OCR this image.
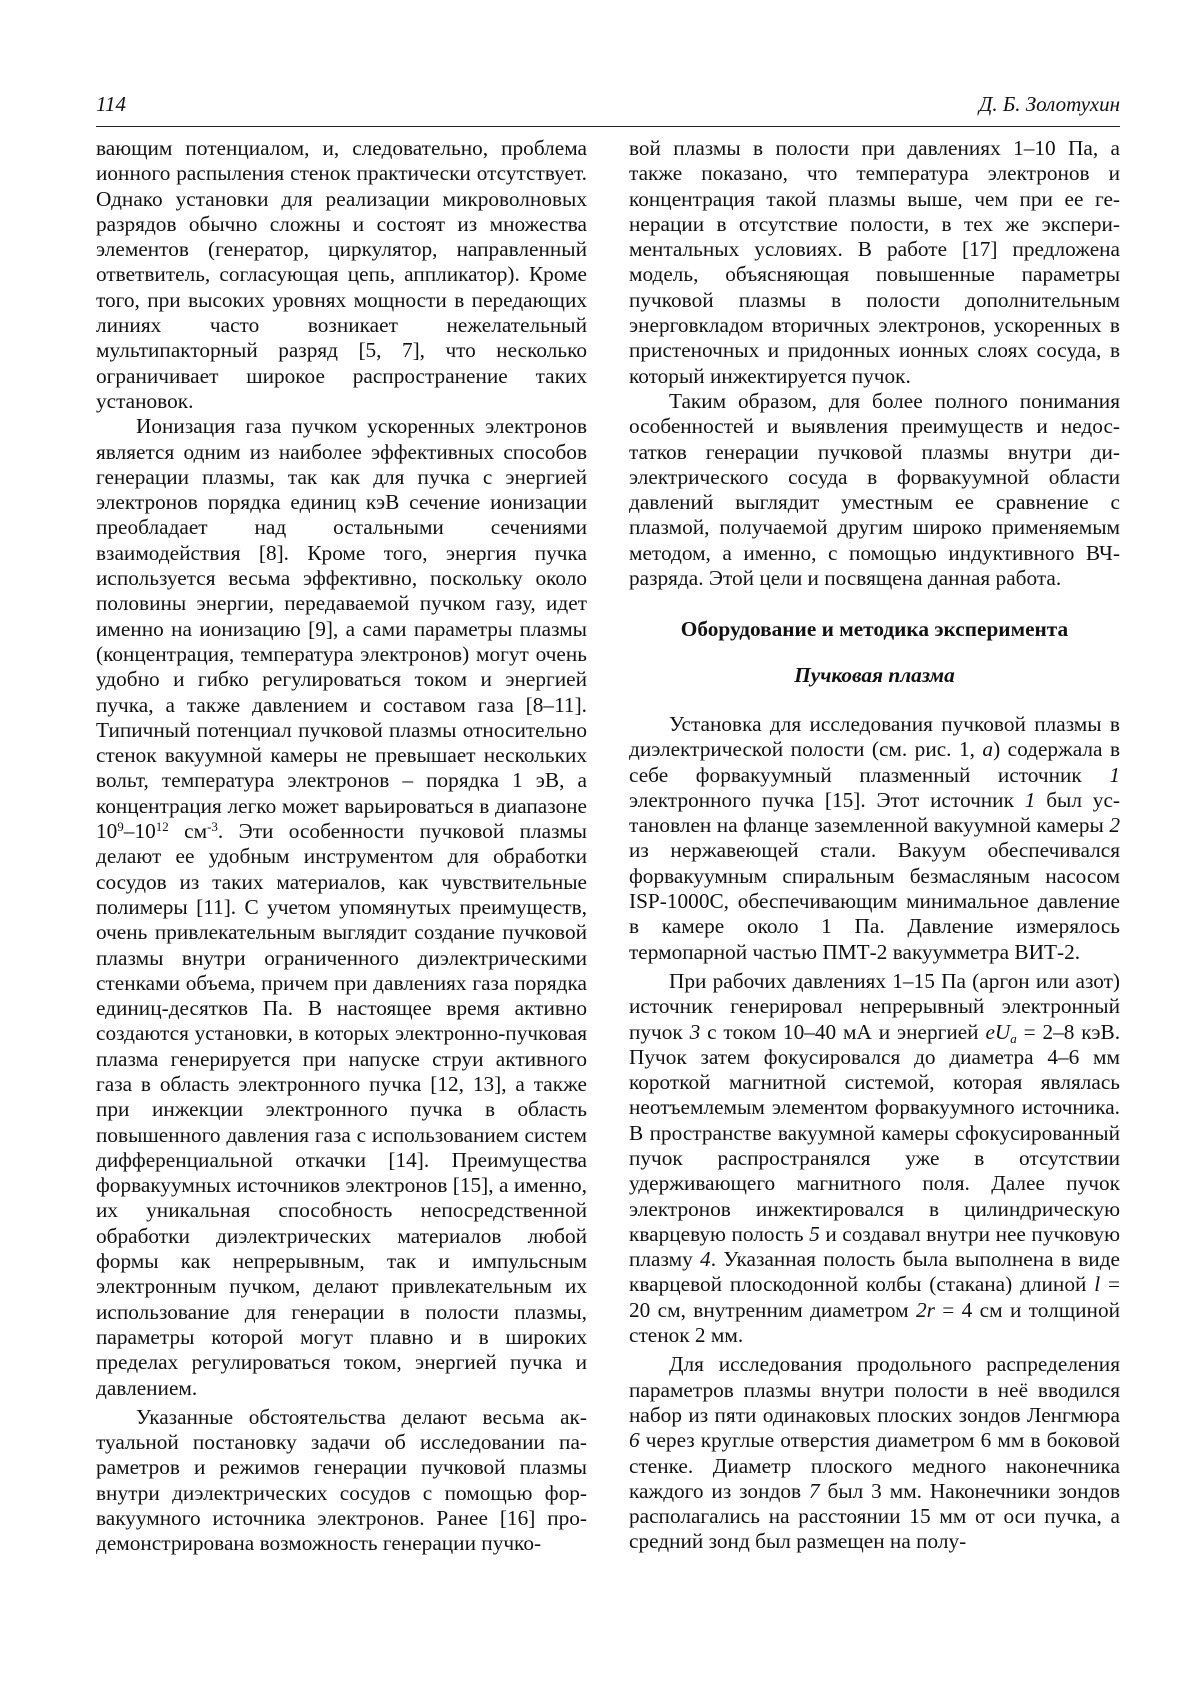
114	Д. Б. Золотухин

вающим потенциалом, и, следовательно, проблема ионного распыления стенок практически отсутствует. Однако установки для реализации микроволновых разрядов обычно сложны и состоят из множества элементов (генератор, циркулятор, направленный ответвитель, согласующая цепь, аппликатор). Кроме того, при высоких уровнях мощности в передающих линиях часто возникает нежелательный мультипакторный разряд [5, 7], что несколько ограничивает широкое распространение таких установок.

Ионизация газа пучком ускоренных электронов является одним из наиболее эффективных способов генерации плазмы, так как для пучка с энергией электронов порядка единиц кэВ сечение ионизации преобладает над остальными сечениями взаимодействия [8]. Кроме того, энергия пучка используется весьма эффективно, поскольку около половины энергии, передаваемой пучком газу, идет именно на ионизацию [9], а сами параметры плазмы (концентрация, температура электронов) могут очень удобно и гибко регулироваться током и энергией пучка, а также давлением и составом газа [8–11]. Типичный потенциал пучковой плазмы относительно стенок вакуумной камеры не превышает нескольких вольт, температура электронов – порядка 1 эВ, а концентрация легко может варьироваться в диапазоне $10^9-10^{12}$ $см^{-3}$. Эти особенности пучковой плазмы делают ее удобным инструментом для обработки сосудов из таких материалов, как чувствительные полимеры [11]. С учетом упомянутых преимуществ, очень привлекательным выглядит создание пучковой плазмы внутри ограниченного диэлектрическими стенками объема, причем при давлениях газа порядка единиц-десятков Па. В настоящее время активно создаются установки, в которых электронно-пучковая плазма генерируется при напуске струи активного газа в область электронного пучка [12, 13], а также при инжекции электронного пучка в область повышенного давления газа с использованием систем дифференциальной откачки [14]. Преимущества форвакуумных источников электронов [15], а именно, их уникальная способность непосредственной обработки диэлектрических материалов любой формы как непрерывным, так и импульсным электронным пучком, делают привлекательным их использование для генерации в полости плазмы, параметры которой могут плавно и в широких пределах регулироваться током, энергией пучка и давлением.

Указанные обстоятельства делают весьма актуальной постановку задачи об исследовании параметров и режимов генерации пучковой плазмы внутри диэлектрических сосудов с помощью форвакуумного источника электронов. Ранее [16] продемонстрирована возможность генерации пучко-

вой плазмы в полости при давлениях 1–10 Па, а также показано, что температура электронов и концентрация такой плазмы выше, чем при ее генерации в отсутствие полости, в тех же экспериментальных условиях. В работе [17] предложена модель, объясняющая повышенные параметры пучковой плазмы в полости дополнительным энерговкладом вторичных электронов, ускоренных в пристеночных и придонных ионных слоях сосуда, в который инжектируется пучок.

Таким образом, для более полного понимания особенностей и выявления преимуществ и недостатков генерации пучковой плазмы внутри диэлектрического сосуда в форвакуумной области давлений выглядит уместным ее сравнение с плазмой, получаемой другим широко применяемым методом, а именно, с помощью индуктивного ВЧ-разряда. Этой цели и посвящена данная работа.

Оборудование и методика эксперимента
Пучковая плазма

Установка для исследования пучковой плазмы в диэлектрической полости (см. рис. 1, а) содержала в себе форвакуумный плазменный источник 1 электронного пучка [15]. Этот источник 1 был установлен на фланце заземленной вакуумной камеры 2 из нержавеющей стали. Вакуум обеспечивался форвакуумным спиральным безмасляным насосом ISP-1000C, обеспечивающим минимальное давление в камере около 1 Па. Давление измерялось термопарной частью ПМТ-2 вакуумметра ВИТ-2.

При рабочих давлениях 1–15 Па (аргон или азот) источник генерировал непрерывный электронный пучок 3 с током 10–40 мА и энергией $eU_a = 2-8$ кэВ. Пучок затем фокусировался до диаметра 4–6 мм короткой магнитной системой, которая являлась неотъемлемым элементом форвакуумного источника. В пространстве вакуумной камеры сфокусированный пучок распространялся уже в отсутствии удерживающего магнитного поля. Далее пучок электронов инжектировался в цилиндрическую кварцевую полость 5 и создавал внутри нее пучковую плазму 4. Указанная полость была выполнена в виде кварцевой плоскодонной колбы (стакана) длиной l = 20 см, внутренним диаметром 2r = 4 см и толщиной стенок 2 мм.

Для исследования продольного распределения параметров плазмы внутри полости в неё вводился набор из пяти одинаковых плоских зондов Ленгмюра 6 через круглые отверстия диаметром 6 мм в боковой стенке. Диаметр плоского медного наконечника каждого из зондов 7 был 3 мм. Наконечники зондов располагались на расстоянии 15 мм от оси пучка, а средний зонд был размещен на полу-
